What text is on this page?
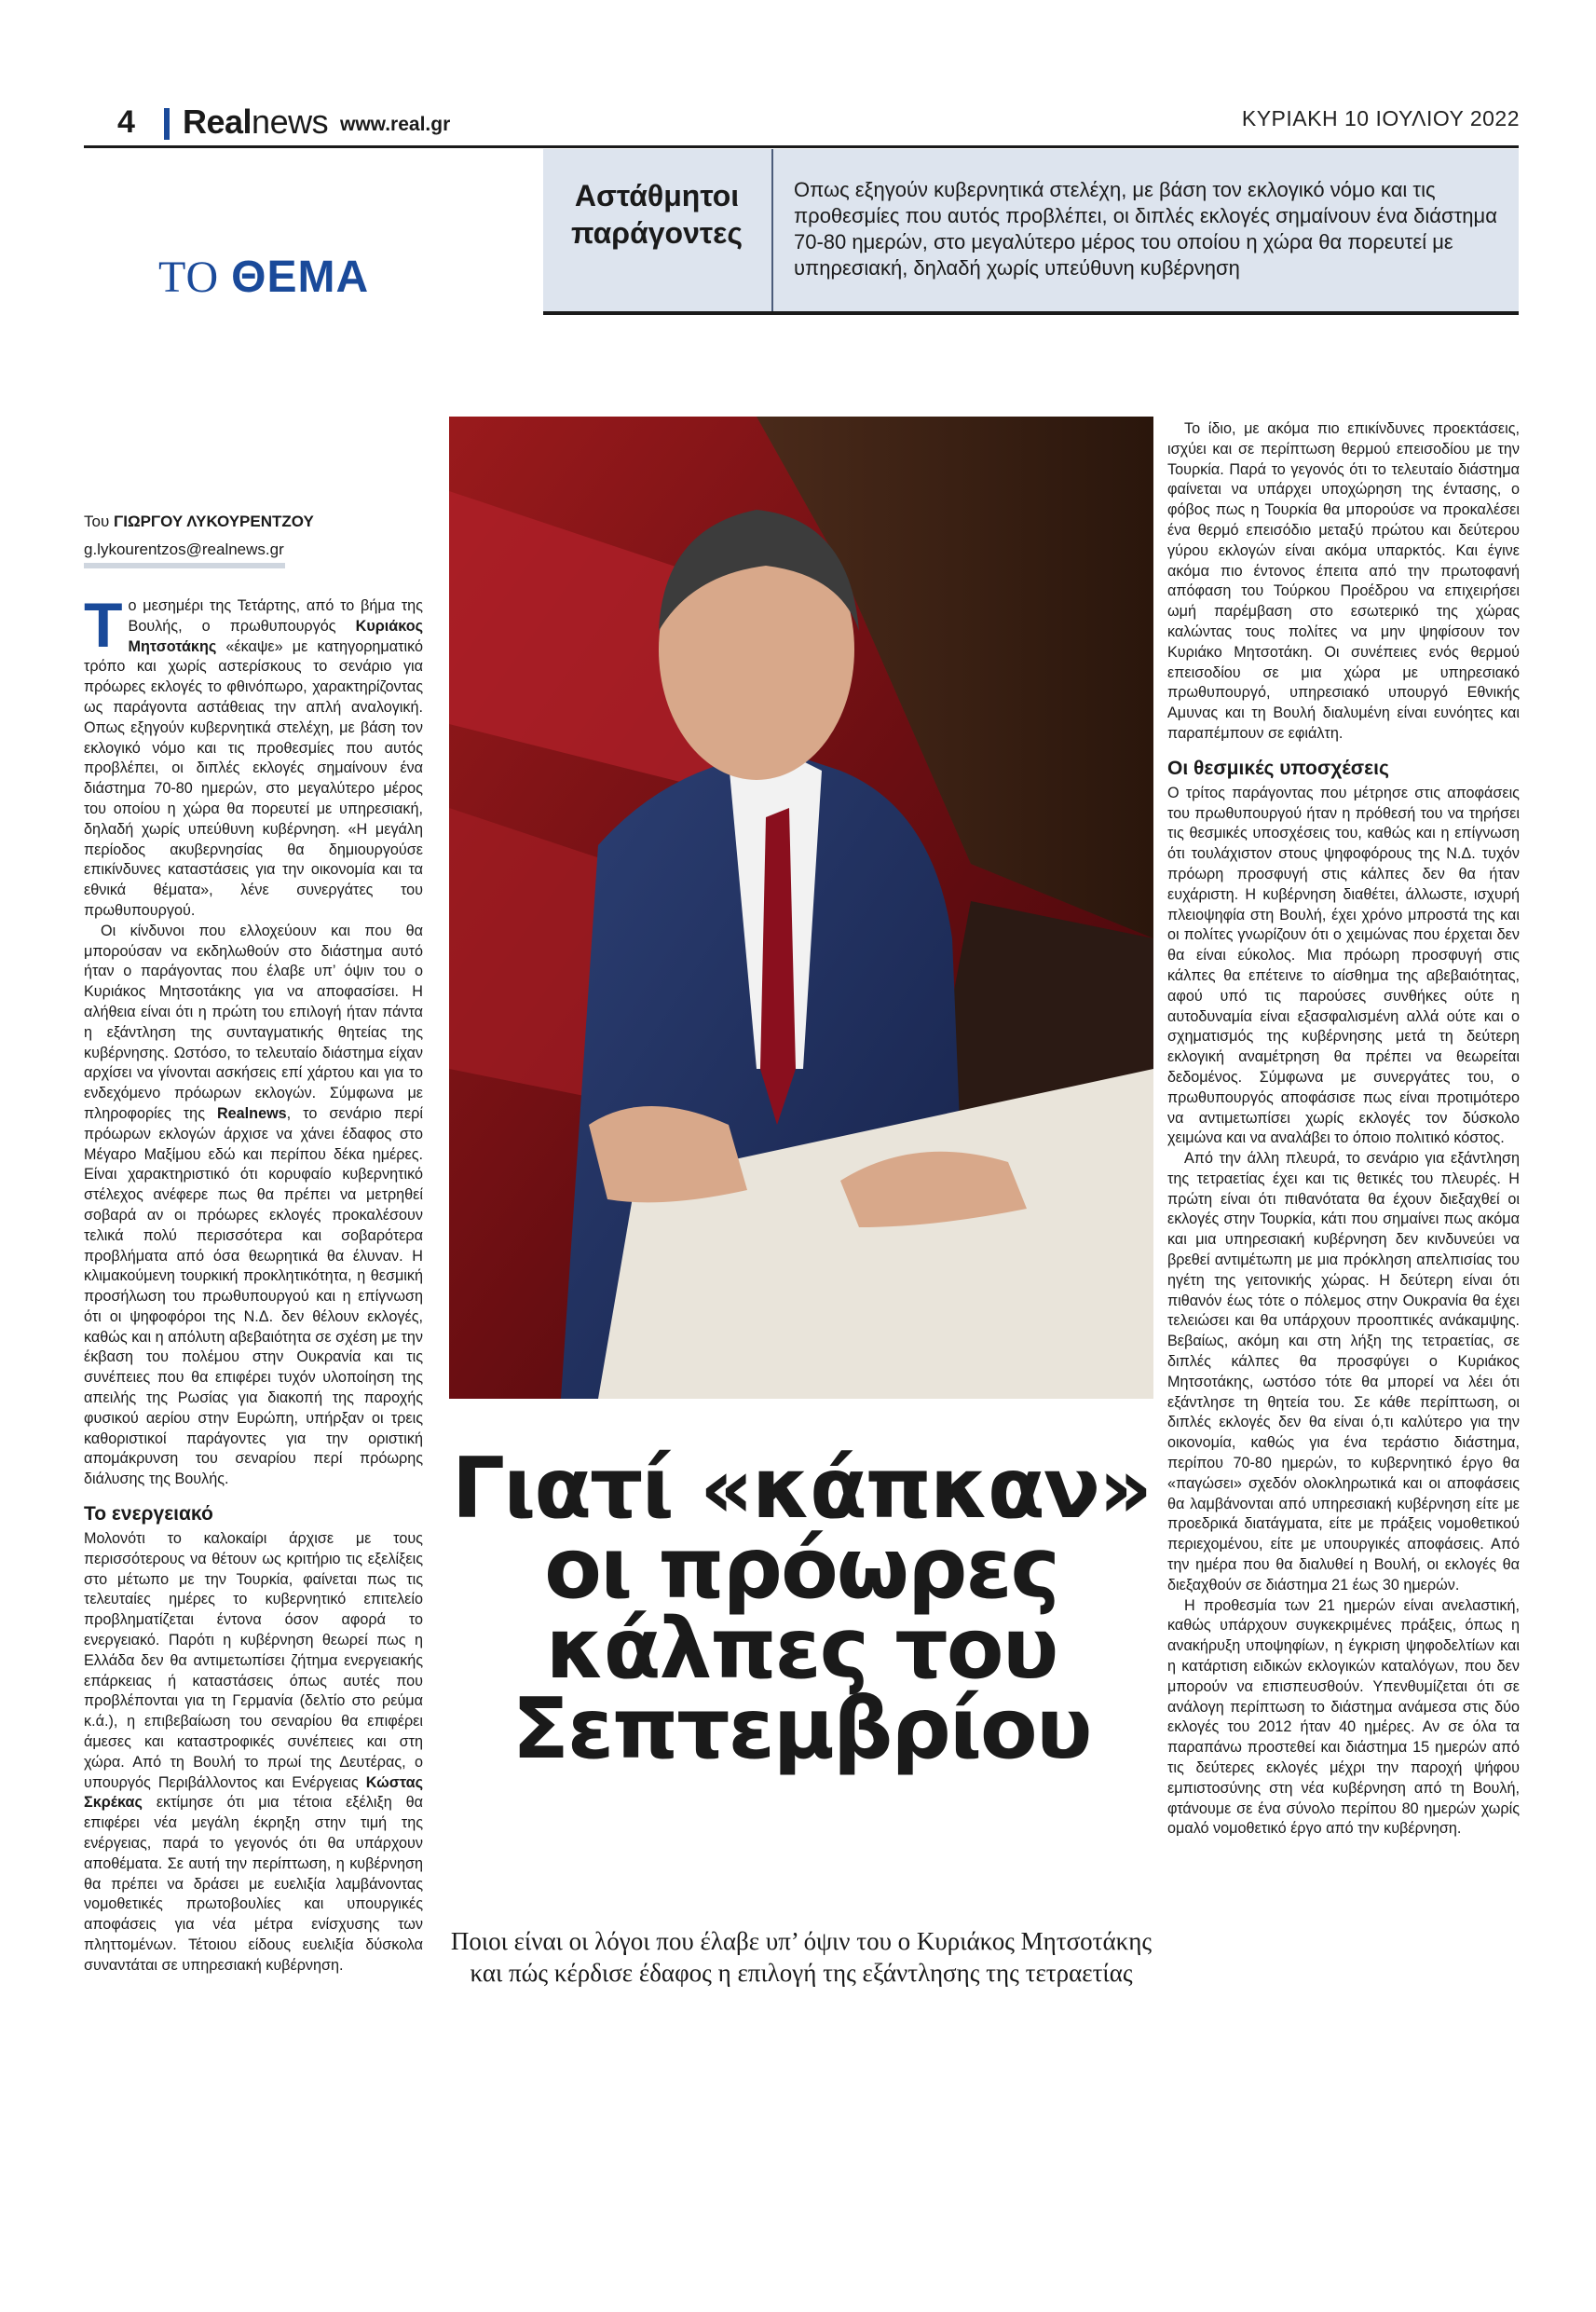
4 Realnews www.real.gr	ΚΥΡΙΑΚΗ 10 ΙΟΥΛΙΟΥ 2022
ΤΟ ΘΕΜΑ
Αστάθμητοι παράγοντες
Οπως εξηγούν κυβερνητικά στελέχη, με βάση τον εκλογικό νόμο και τις προθεσμίες που αυτός προβλέπει, οι διπλές εκλογές σημαίνουν ένα διάστημα 70-80 ημερών, στο μεγαλύτερο μέρος του οποίου η χώρα θα πορευτεί με υπηρεσιακή, δηλαδή χωρίς υπεύθυνη κυβέρνηση
Του ΓΙΩΡΓΟΥ ΛΥΚΟΥΡΕΝΤΖΟΥ
g.lykourentzos@realnews.gr

Το μεσημέρι της Τετάρτης, από το βήμα της Βουλής, ο πρωθυπουργός Κυριάκος Μητσοτάκης «έκαψε» με κατηγορηματικό τρόπο και χωρίς αστερίσκους το σενάριο για πρόωρες εκλογές το φθινόπωρο, χαρακτηρίζοντας ως παράγοντα αστάθειας την απλή αναλογική. Οπως εξηγούν κυβερνητικά στελέχη, με βάση τον εκλογικό νόμο και τις προθεσμίες που αυτός προβλέπει, οι διπλές εκλογές σημαίνουν ένα διάστημα 70-80 ημερών, στο μεγαλύτερο μέρος του οποίου η χώρα θα πορευτεί με υπηρεσιακή, δηλαδή χωρίς υπεύθυνη κυβέρνηση. «Η μεγάλη περίοδος ακυβερνησίας θα δημιουργούσε επικίνδυνες καταστάσεις για την οικονομία και τα εθνικά θέματα», λένε συνεργάτες του πρωθυπουργού.

Οι κίνδυνοι που ελλοχεύουν και που θα μπορούσαν να εκδηλωθούν στο διάστημα αυτό ήταν ο παράγοντας που έλαβε υπ’ όψιν του ο Κυριάκος Μητσοτάκης για να αποφασίσει. Η αλήθεια είναι ότι η πρώτη του επιλογή ήταν πάντα η εξάντληση της συνταγματικής θητείας της κυβέρνησης. Ωστόσο, το τελευταίο διάστημα είχαν αρχίσει να γίνονται ασκήσεις επί χάρτου και για το ενδεχόμενο πρόωρων εκλογών. Σύμφωνα με πληροφορίες της Realnews, το σενάριο περί πρόωρων εκλογών άρχισε να χάνει έδαφος στο Μέγαρο Μαξίμου εδώ και περίπου δέκα ημέρες. Είναι χαρακτηριστικό ότι κορυφαίο κυβερνητικό στέλεχος ανέφερε πως θα πρέπει να μετρηθεί σοβαρά αν οι πρόωρες εκλογές προκαλέσουν τελικά πολύ περισσότερα και σοβαρότερα προβλήματα από όσα θεωρητικά θα έλυναν. Η κλιμακούμενη τουρκική προκλητικότητα, η θεσμική προσήλωση του πρωθυπουργού και η επίγνωση ότι οι ψηφοφόροι της Ν.Δ. δεν θέλουν εκλογές, καθώς και η απόλυτη αβεβαιότητα σε σχέση με την έκβαση του πολέμου στην Ουκρανία και τις συνέπειες που θα επιφέρει τυχόν υλοποίηση της απειλής της Ρωσίας για διακοπή της παροχής φυσικού αερίου στην Ευρώπη, υπήρξαν οι τρεις καθοριστικοί παράγοντες για την οριστική απομάκρυνση του σεναρίου περί πρόωρης διάλυσης της Βουλής.

Το ενεργειακό

Μολονότι το καλοκαίρι άρχισε με τους περισσότερους να θέτουν ως κριτήριο τις εξελίξεις στο μέτωπο με την Τουρκία, φαίνεται πως τις τελευταίες ημέρες το κυβερνητικό επιτελείο προβληματίζεται έντονα όσον αφορά το ενεργειακό. Παρότι η κυβέρνηση θεωρεί πως η Ελλάδα δεν θα αντιμετωπίσει ζήτημα ενεργειακής επάρκειας ή καταστάσεις όπως αυτές που προβλέπονται για τη Γερμανία (δελτίο στο ρεύμα κ.ά.), η επιβεβαίωση του σεναρίου θα επιφέρει άμεσες και καταστροφικές συνέπειες και στη χώρα. Από τη Βουλή το πρωί της Δευτέρας, ο υπουργός Περιβάλλοντος και Ενέργειας Κώστας Σκρέκας εκτίμησε ότι μια τέτοια εξέλιξη θα επιφέρει νέα μεγάλη έκρηξη στην τιμή της ενέργειας, παρά το γεγονός ότι θα υπάρχουν αποθέματα. Σε αυτή την περίπτωση, η κυβέρνηση θα πρέπει να δράσει με ευελιξία λαμβάνοντας νομοθετικές πρωτοβουλίες και υπουργικές αποφάσεις για νέα μέτρα ενίσχυσης των πληττομένων. Τέτοιου είδους ευελιξία δύσκολα συναντάται σε υπηρεσιακή κυβέρνηση.

Γιατί «κάπκαν» οι πρόωρες κάλπες του Σεπτεμβρίου
Ποιοι είναι οι λόγοι που έλαβε υπ’ όψιν του ο Κυριάκος Μητσοτάκης και πώς κέρδισε έδαφος η επιλογή της εξάντλησης της τετραετίας

Το ίδιο, με ακόμα πιο επικίνδυνες προεκτάσεις, ισχύει και σε περίπτωση θερμού επεισοδίου με την Τουρκία. Παρά το γεγονός ότι το τελευταίο διάστημα φαίνεται να υπάρχει υποχώρηση της έντασης, ο φόβος πως η Τουρκία θα μπορούσε να προκαλέσει ένα θερμό επεισόδιο μεταξύ πρώτου και δεύτερου γύρου εκλογών είναι ακόμα υπαρκτός. Και έγινε ακόμα πιο έντονος έπειτα από την πρωτοφανή απόφαση του Τούρκου Προέδρου να επιχειρήσει ωμή παρέμβαση στο εσωτερικό της χώρας καλώντας τους πολίτες να μην ψηφίσουν τον Κυριάκο Μητσοτάκη. Οι συνέπειες ενός θερμού επεισοδίου σε μια χώρα με υπηρεσιακό πρωθυπουργό, υπηρεσιακό υπουργό Εθνικής Αμυνας και τη Βουλή διαλυμένη είναι ευνόητες και παραπέμπουν σε εφιάλτη.

Οι θεσμικές υποσχέσεις

Ο τρίτος παράγοντας που μέτρησε στις αποφάσεις του πρωθυπουργού ήταν η πρόθεσή του να τηρήσει τις θεσμικές υποσχέσεις του, καθώς και η επίγνωση ότι τουλάχιστον στους ψηφοφόρους της Ν.Δ. τυχόν πρόωρη προσφυγή στις κάλπες δεν θα ήταν ευχάριστη. Η κυβέρνηση διαθέτει, άλλωστε, ισχυρή πλειοψηφία στη Βουλή, έχει χρόνο μπροστά της και οι πολίτες γνωρίζουν ότι ο χειμώνας που έρχεται δεν θα είναι εύκολος. Μια πρόωρη προσφυγή στις κάλπες θα επέτεινε το αίσθημα της αβεβαιότητας, αφού υπό τις παρούσες συνθήκες ούτε η αυτοδυναμία είναι εξασφαλισμένη αλλά ούτε και ο σχηματισμός της κυβέρνησης μετά τη δεύτερη εκλογική αναμέτρηση θα πρέπει να θεωρείται δεδομένος. Σύμφωνα με συνεργάτες του, ο πρωθυπουργός αποφάσισε πως είναι προτιμότερο να αντιμετωπίσει χωρίς εκλογές τον δύσκολο χειμώνα και να αναλάβει το όποιο πολιτικό κόστος.

Από την άλλη πλευρά, το σενάριο για εξάντληση της τετραετίας έχει και τις θετικές του πλευρές. Η πρώτη είναι ότι πιθανότατα θα έχουν διεξαχθεί οι εκλογές στην Τουρκία, κάτι που σημαίνει πως ακόμα και μια υπηρεσιακή κυβέρνηση δεν κινδυνεύει να βρεθεί αντιμέτωπη με μια πρόκληση απελπισίας του ηγέτη της γειτονικής χώρας. Η δεύτερη είναι ότι πιθανόν έως τότε ο πόλεμος στην Ουκρανία θα έχει τελειώσει και θα υπάρχουν προοπτικές ανάκαμψης. Βεβαίως, ακόμη και στη λήξη της τετραετίας, σε διπλές κάλπες θα προσφύγει ο Κυριάκος Μητσοτάκης, ωστόσο τότε θα μπορεί να λέει ότι εξάντλησε τη θητεία του. Σε κάθε περίπτωση, οι διπλές εκλογές δεν θα είναι ό,τι καλύτερο για την οικονομία, καθώς για ένα τεράστιο διάστημα, περίπου 70-80 ημερών, το κυβερνητικό έργο θα «παγώσει» σχεδόν ολοκληρωτικά και οι αποφάσεις θα λαμβάνονται από υπηρεσιακή κυβέρνηση είτε με προεδρικά διατάγματα, είτε με πράξεις νομοθετικού περιεχομένου, είτε με υπουργικές αποφάσεις. Από την ημέρα που θα διαλυθεί η Βουλή, οι εκλογές θα διεξαχθούν σε διάστημα 21 έως 30 ημερών.

Η προθεσμία των 21 ημερών είναι ανελαστική, καθώς υπάρχουν συγκεκριμένες πράξεις, όπως η ανακήρυξη υποψηφίων, η έγκριση ψηφοδελτίων και η κατάρτιση ειδικών εκλογικών καταλόγων, που δεν μπορούν να επισπευσθούν. Υπενθυμίζεται ότι σε ανάλογη περίπτωση το διάστημα ανάμεσα στις δύο εκλογές του 2012 ήταν 40 ημέρες. Αν σε όλα τα παραπάνω προστεθεί και διάστημα 15 ημερών από τις δεύτερες εκλογές μέχρι την παροχή ψήφου εμπιστοσύνης στη νέα κυβέρνηση από τη Βουλή, φτάνουμε σε ένα σύνολο περίπου 80 ημερών χωρίς ομαλό νομοθετικό έργο από την κυβέρνηση.
